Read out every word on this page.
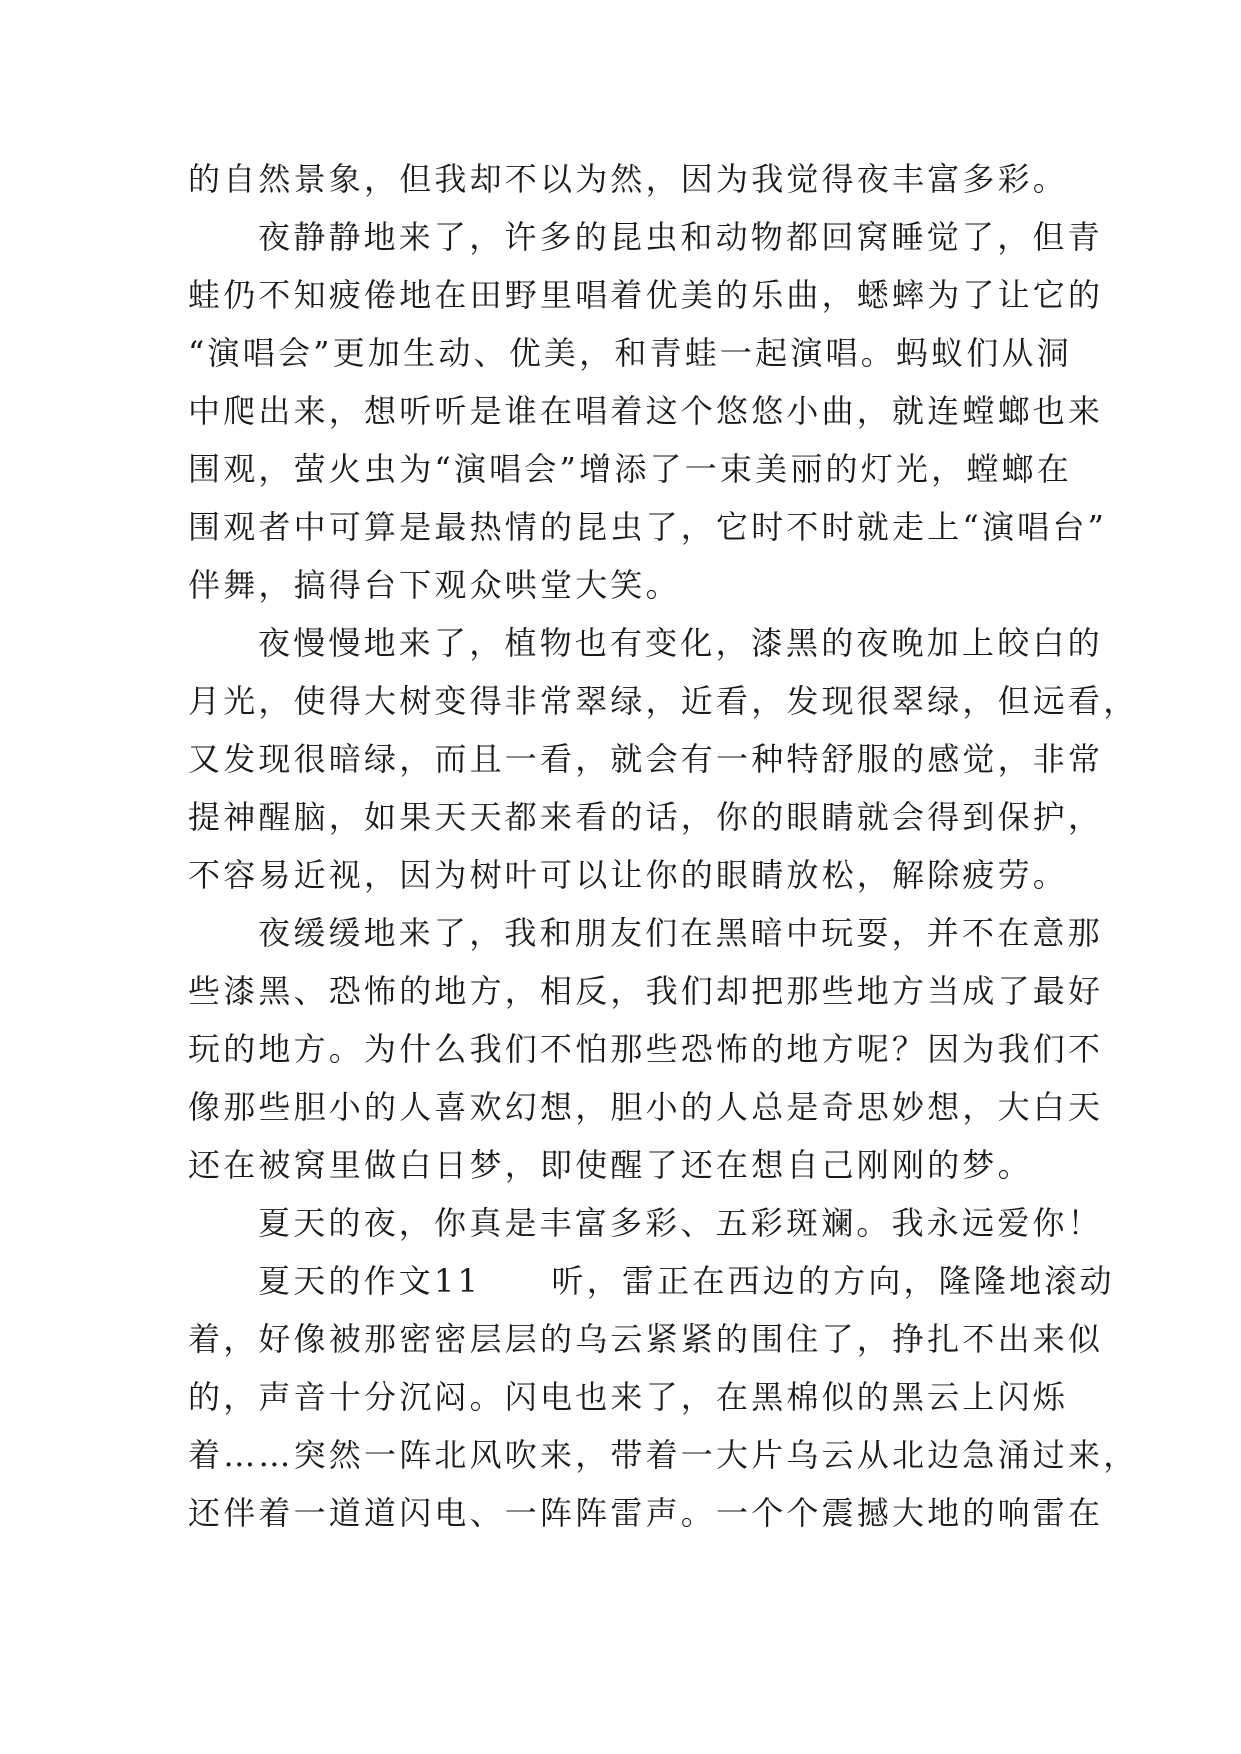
的自然景象，但我却不以为然，因为我觉得夜丰富多彩。
夜静静地来了，许多的昆虫和动物都回窝睡觉了，但青
蛙仍不知疲倦地在田野里唱着优美的乐曲，蟋蟀为了让它的
“演唱会”更加生动、优美，和青蛙一起演唱。蚂蚁们从洞
中爬出来，想听听是谁在唱着这个悠悠小曲，就连螳螂也来
围观，萤火虫为“演唱会”增添了一束美丽的灯光，螳螂在
围观者中可算是最热情的昆虫了，它时不时就走上“演唱台”
伴舞，搞得台下观众哄堂大笑。
夜慢慢地来了，植物也有变化，漆黑的夜晚加上皎白的
月光，使得大树变得非常翠绿，近看，发现很翠绿，但远看，
又发现很暗绿，而且一看，就会有一种特舒服的感觉，非常
提神醒脑，如果天天都来看的话，你的眼睛就会得到保护，
不容易近视，因为树叶可以让你的眼睛放松，解除疲劳。
夜缓缓地来了，我和朋友们在黑暗中玩耍，并不在意那
些漆黑、恐怖的地方，相反，我们却把那些地方当成了最好
玩的地方。为什么我们不怕那些恐怖的地方呢？因为我们不
像那些胆小的人喜欢幻想，胆小的人总是奇思妙想，大白天
还在被窝里做白日梦，即使醒了还在想自己刚刚的梦。
夏天的夜，你真是丰富多彩、五彩斑斓。我永远爱你！
夏天的作文11　　听，雷正在西边的方向，隆隆地滚动
着，好像被那密密层层的乌云紧紧的围住了，挣扎不出来似
的，声音十分沉闷。闪电也来了，在黑棉似的黑云上闪烁
着……突然一阵北风吹来，带着一大片乌云从北边急涌过来，
还伴着一道道闪电、一阵阵雷声。一个个震撼大地的响雷在
